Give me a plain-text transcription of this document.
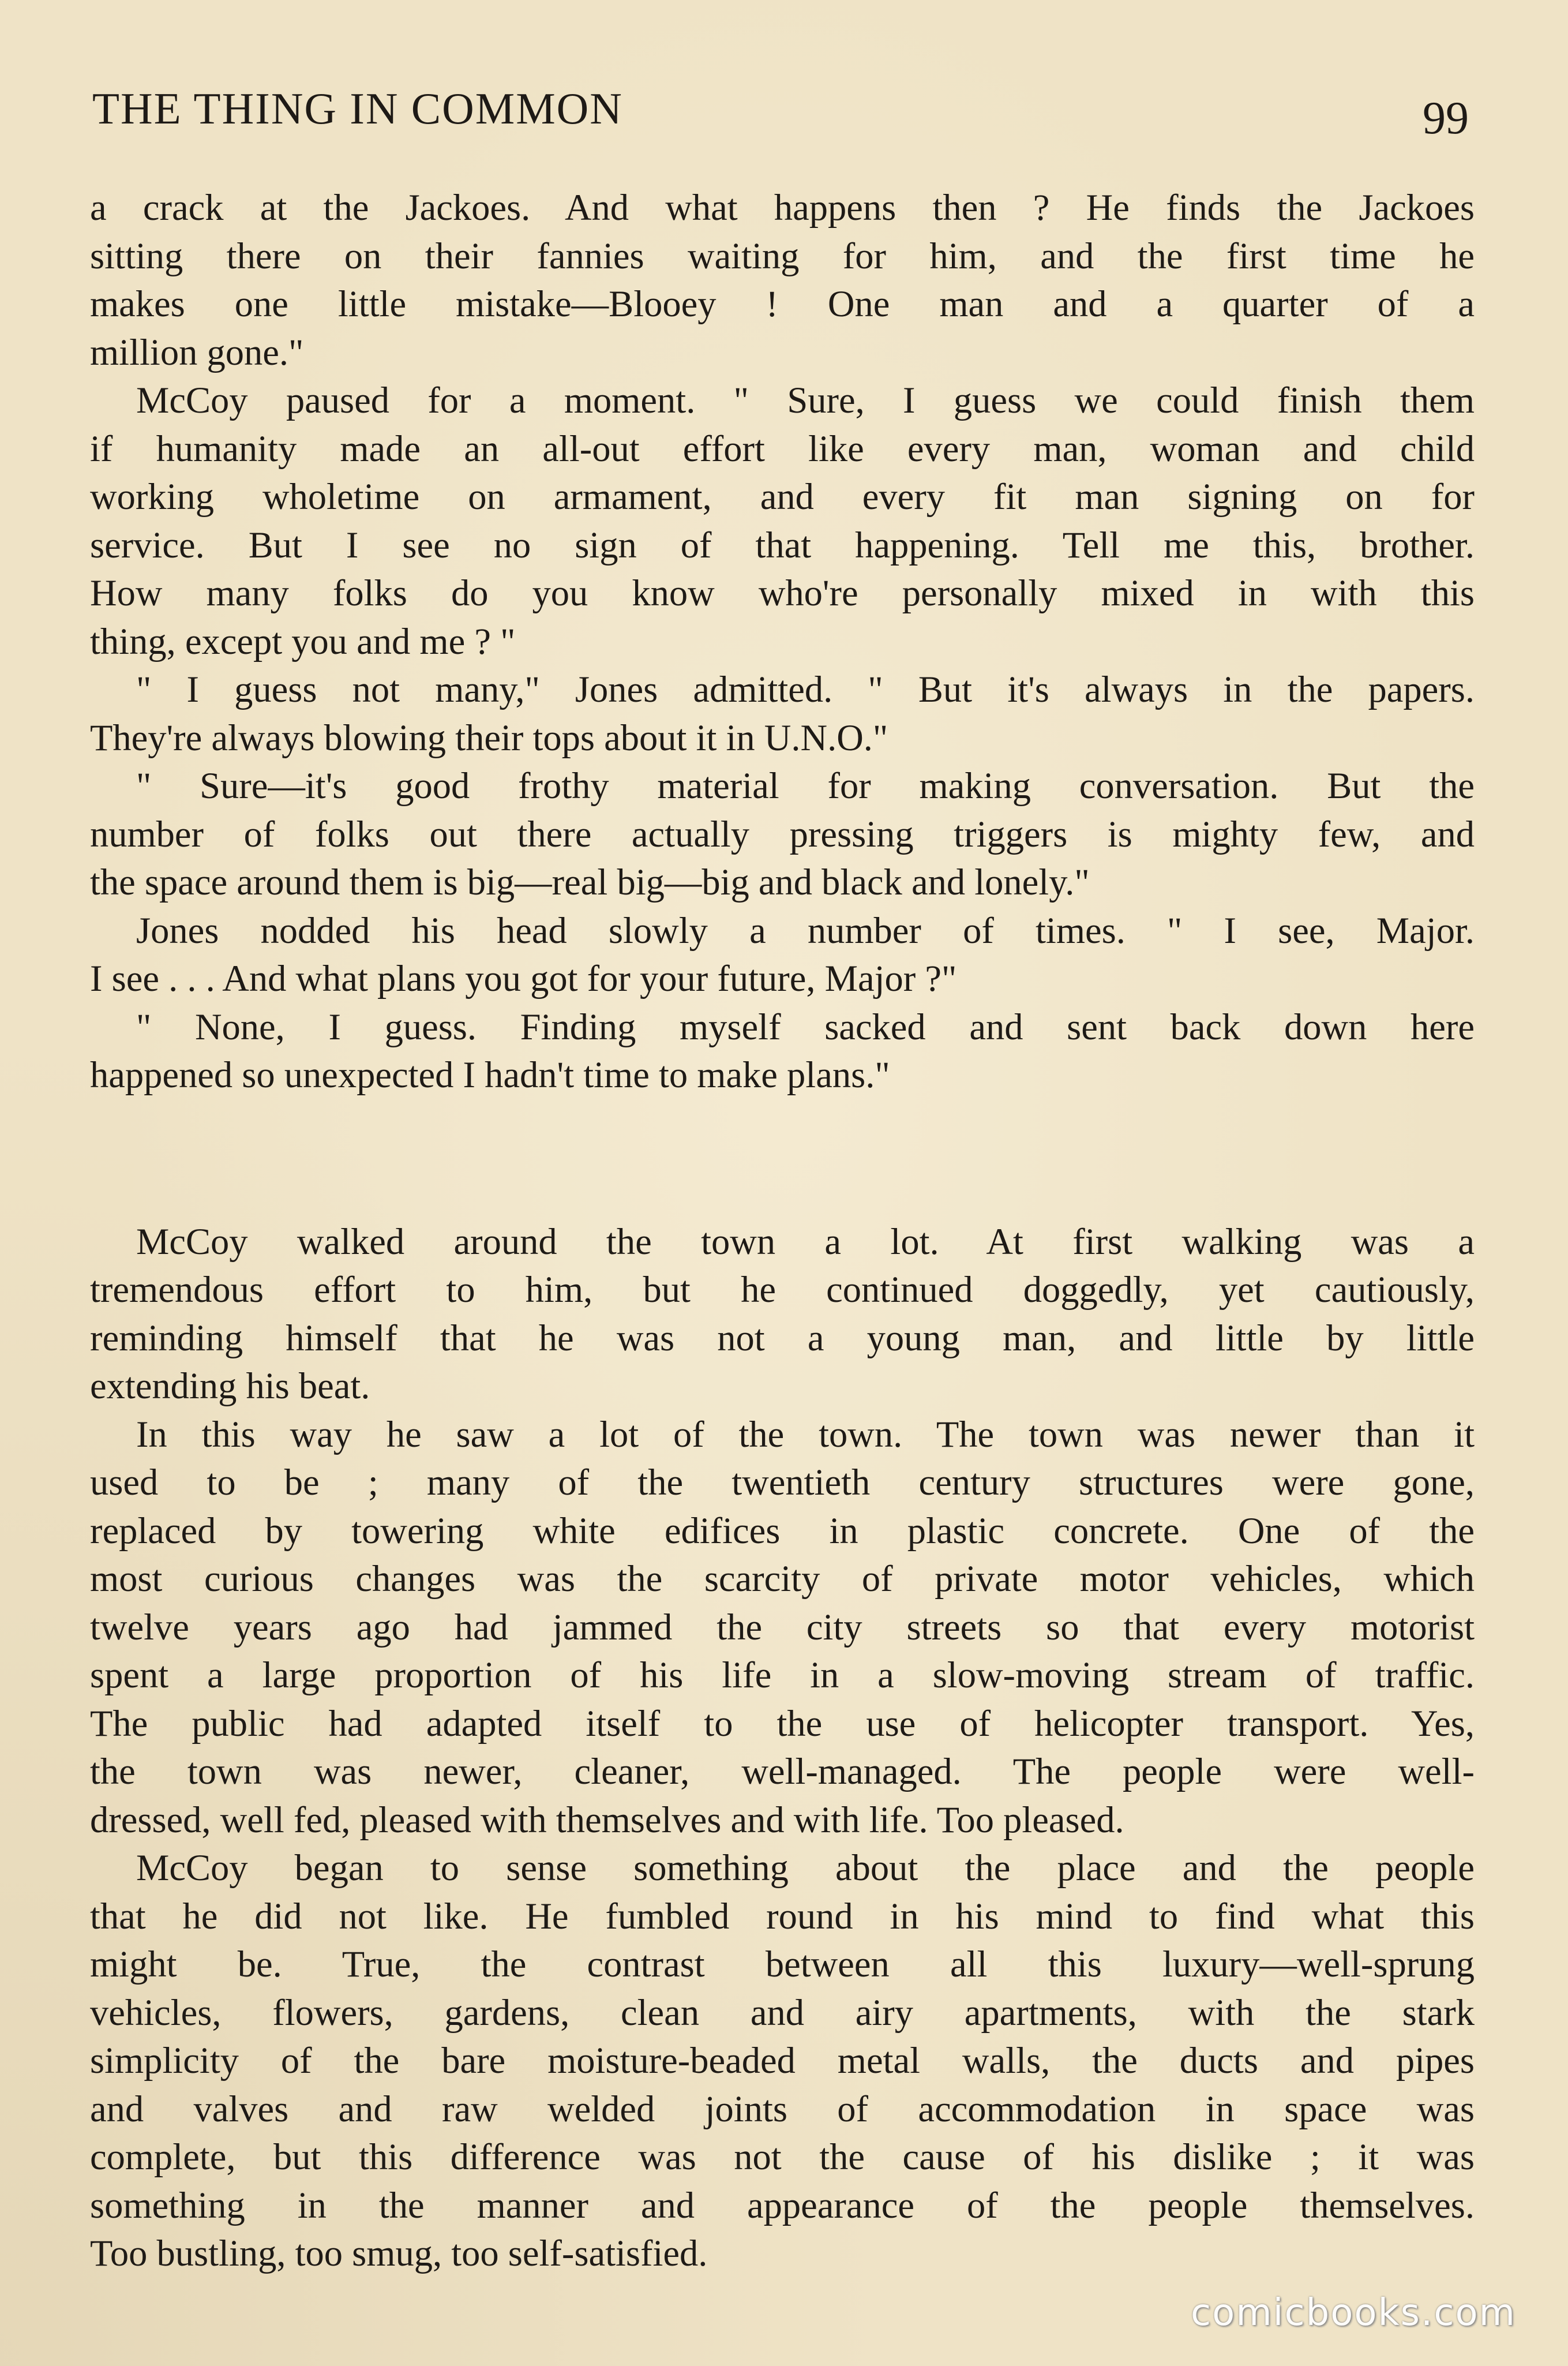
THE THING IN COMMON	99
a crack at the Jackoes. And what happens then ? He finds the Jackoes
sitting there on their fannies waiting for him, and the first time he
makes one little mistake—Blooey ! One man and a quarter of a
million gone."
McCoy paused for a moment. " Sure, I guess we could finish them
if humanity made an all-out effort like every man, woman and child
working wholetime on armament, and every fit man signing on for
service. But I see no sign of that happening. Tell me this, brother.
How many folks do you know who're personally mixed in with this
thing, except you and me ? "
" I guess not many," Jones admitted. " But it's always in the papers.
They're always blowing their tops about it in U.N.O."
" Sure—it's good frothy material for making conversation. But the
number of folks out there actually pressing triggers is mighty few, and
the space around them is big—real big—big and black and lonely."
Jones nodded his head slowly a number of times. " I see, Major.
I see . . . And what plans you got for your future, Major ?"
" None, I guess. Finding myself sacked and sent back down here
happened so unexpected I hadn't time to make plans."
McCoy walked around the town a lot. At first walking was a
tremendous effort to him, but he continued doggedly, yet cautiously,
reminding himself that he was not a young man, and little by little
extending his beat.
In this way he saw a lot of the town. The town was newer than it
used to be ; many of the twentieth century structures were gone,
replaced by towering white edifices in plastic concrete. One of the
most curious changes was the scarcity of private motor vehicles, which
twelve years ago had jammed the city streets so that every motorist
spent a large proportion of his life in a slow-moving stream of traffic.
The public had adapted itself to the use of helicopter transport. Yes,
the town was newer, cleaner, well-managed. The people were well-
dressed, well fed, pleased with themselves and with life. Too pleased.
McCoy began to sense something about the place and the people
that he did not like. He fumbled round in his mind to find what this
might be. True, the contrast between all this luxury—well-sprung
vehicles, flowers, gardens, clean and airy apartments, with the stark
simplicity of the bare moisture-beaded metal walls, the ducts and pipes
and valves and raw welded joints of accommodation in space was
complete, but this difference was not the cause of his dislike ; it was
something in the manner and appearance of the people themselves.
Too bustling, too smug, too self-satisfied.
comicbooks.com
